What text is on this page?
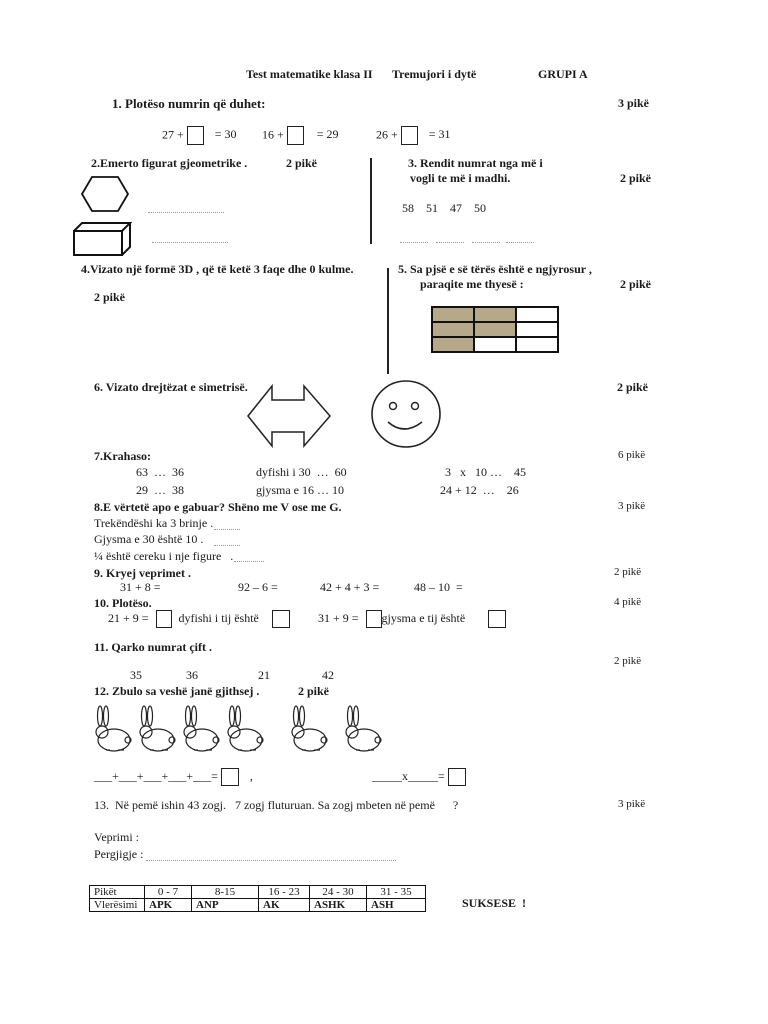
Test matematike klasa II Tremujori i dytë	GRUPI A
1. Plotëso numrin që duhet:	3 pikë
27 +	= 30 16 +	= 29	26 +	= 31
2.Emerto figurat gjeometrike .	2 pikë	3. Rendit numrat nga më i
vogli te më i madhi.	2 pikë
58    51    47    50
4.Vizato një formë 3D , që të ketë 3 faqe dhe 0 kulme.
2 pikë
5. Sa pjsë e së tërës është e ngjyrosur ,
paraqite me thyesë :	2 pikë

6. Vizato drejtëzat e simetrisë.	2 pikë
7.Krahaso:	6 pikë
63  …  36	dyfishi i 30  …  60	3   x   10 …    45
29  …  38	gjysma e 16 … 10	24 + 12  …    26
8.E vërtetë apo e gabuar? Shëno me V ose me G.	3 pikë
Trekëndëshi ka 3 brinje .
Gjysma e 30 është 10 .
¼ është cereku i nje figure   .
9. Kryej veprimet .	2 pikë
31 + 8 =	92 – 6 =	42 + 4 + 3 =	48 – 10  =
10. Plotëso.	4 pikë
21 + 9 =	dyfishi i tij është	31 + 9 = gjysma e tij është
11. Qarko numrat çift .
2 pikë
35	36	21	42
12. Zbulo sa veshë janë gjithsej .	2 pikë
___+___+___+___+___=	,	_____x_____=
13.  Në pemë ishin 43 zogj.   7 zogj fluturuan. Sa zogj mbeten në pemë      ?	3 pikë
Veprimi :
Pergjigje :
Pikët	0 - 7	8-15	16 - 23	24 - 30	31 - 35
Vlerësimi	APK	ANP	AK	ASHK	ASH	SUKSESE  !
